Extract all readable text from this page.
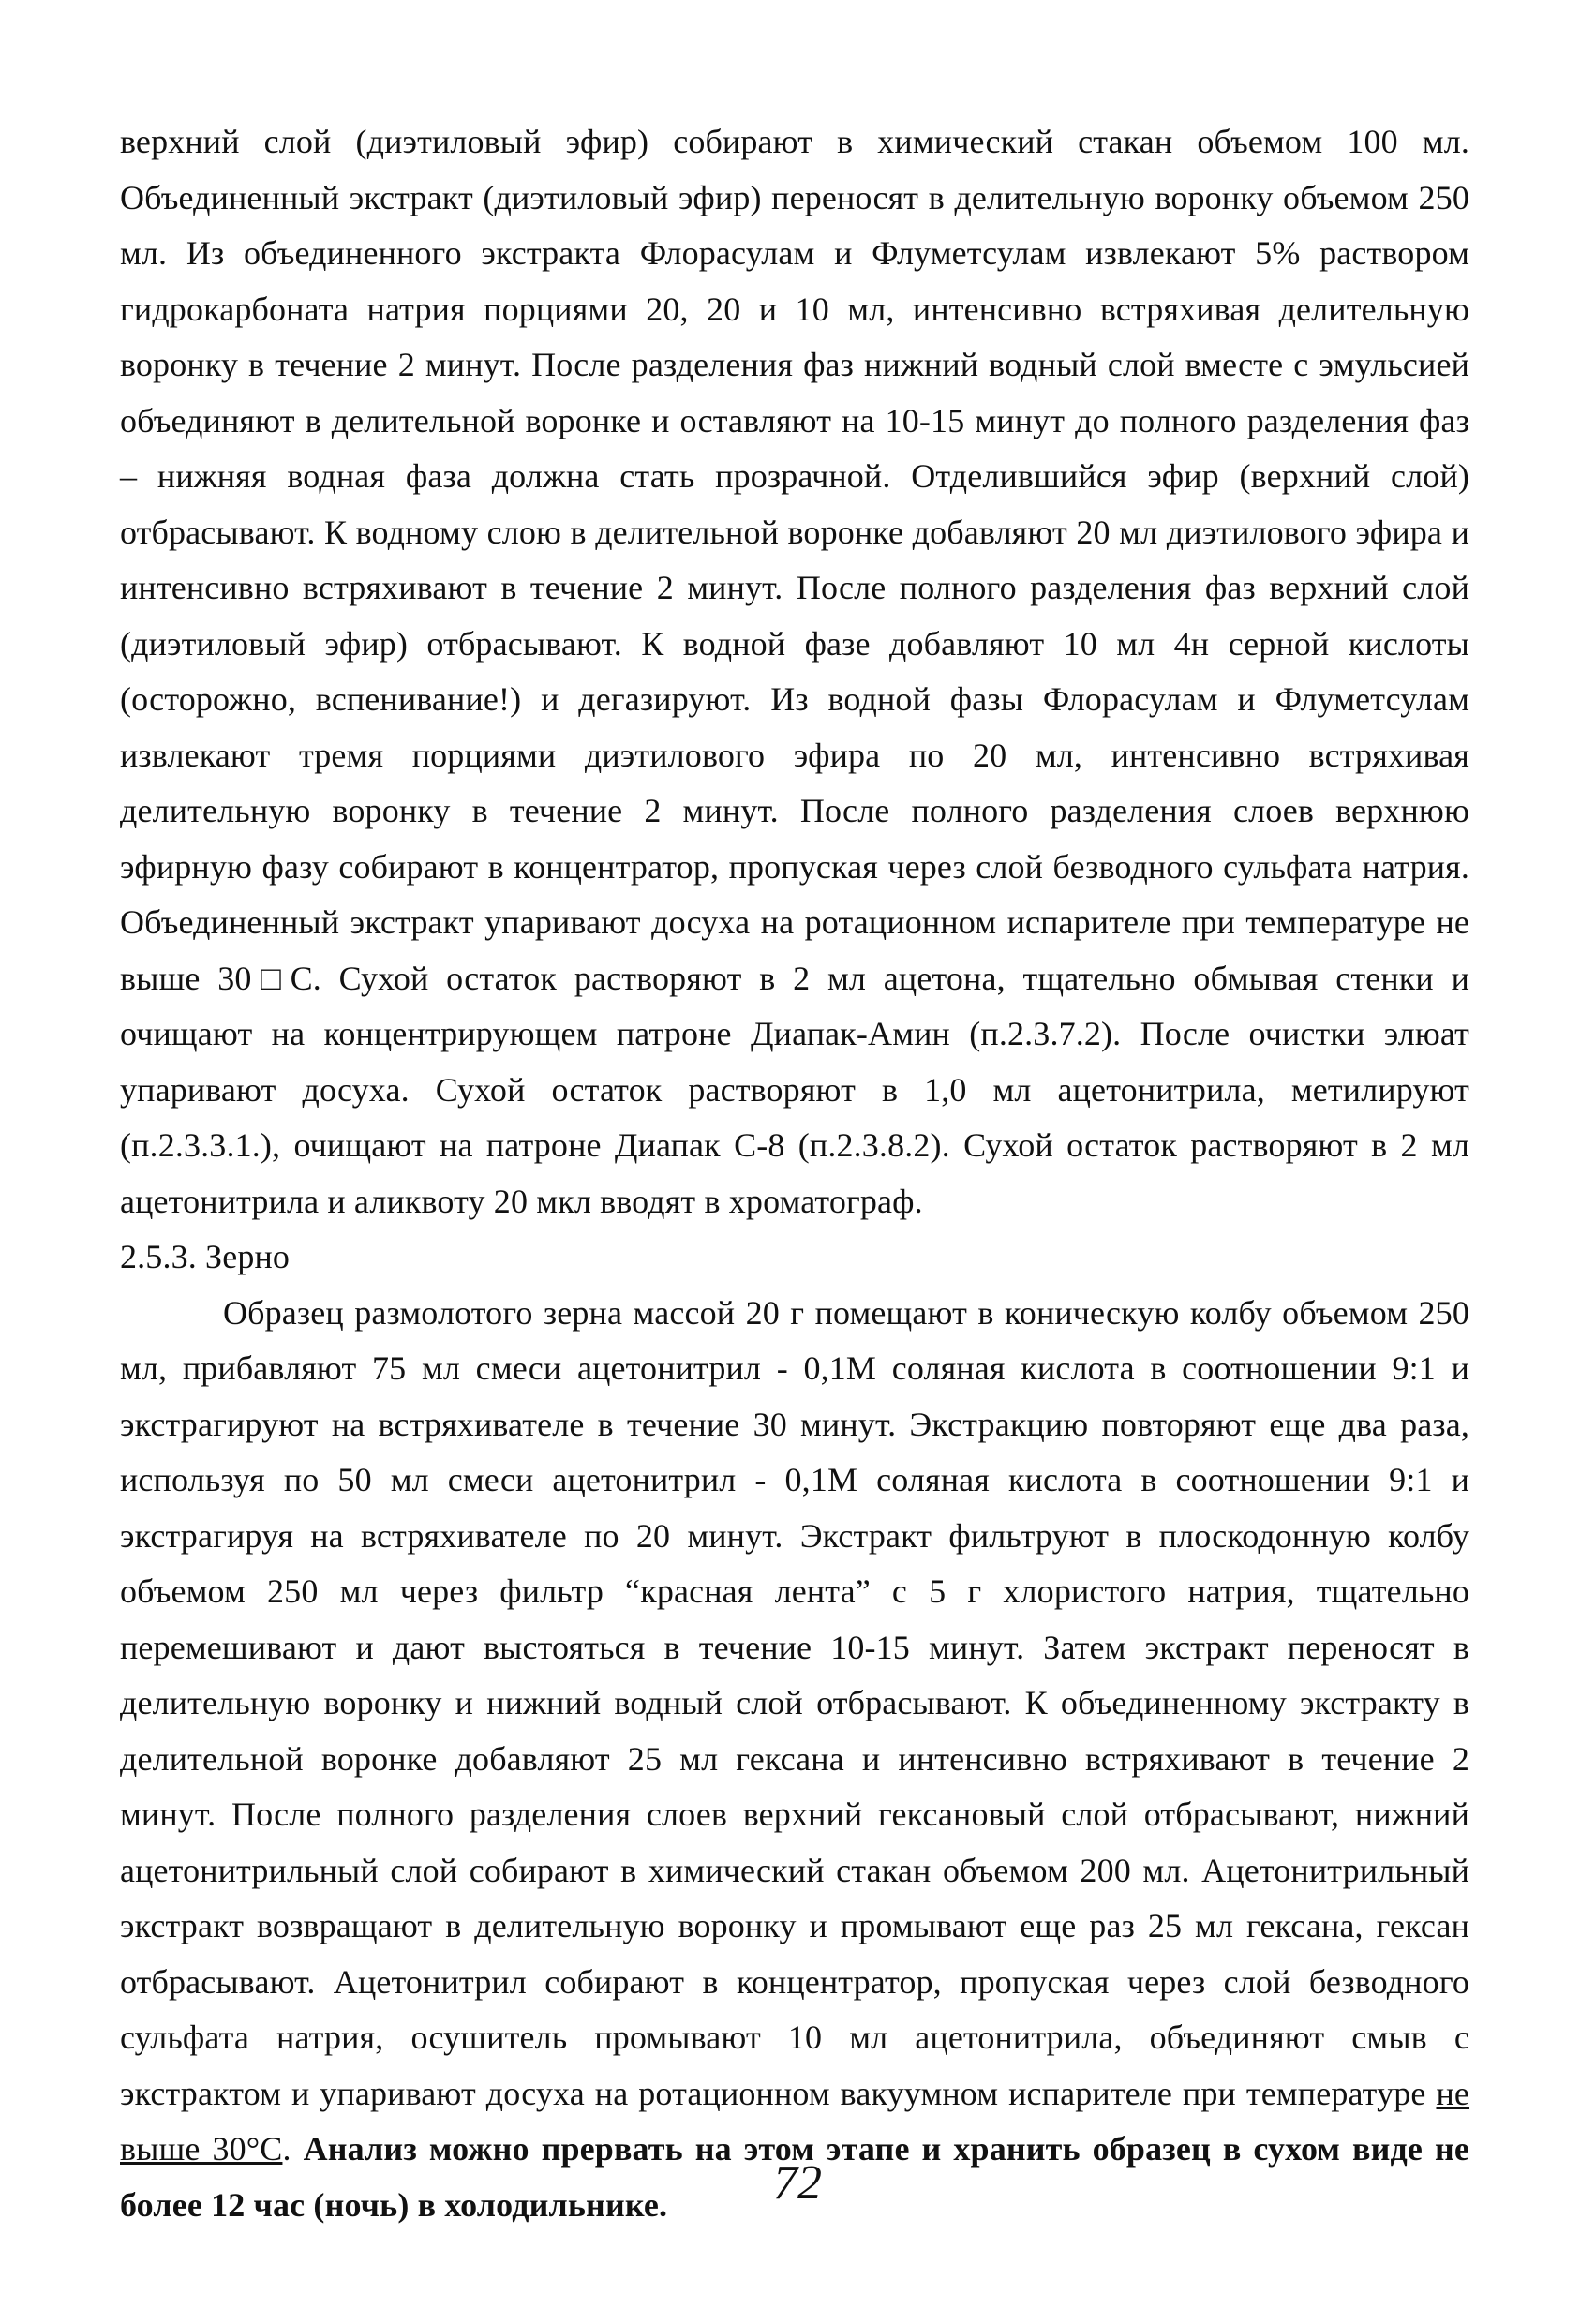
верхний слой (диэтиловый эфир) собирают в химический стакан объемом 100 мл. Объединенный экстракт (диэтиловый эфир) переносят в делительную воронку объемом 250 мл. Из объединенного экстракта Флорасулам и Флуметсулам извлекают 5% раствором гидрокарбоната натрия порциями 20, 20 и 10 мл, интенсивно встряхивая делительную воронку в течение 2 минут. После разделения фаз нижний водный слой вместе с эмульсией объединяют в делительной воронке и оставляют на 10-15 минут до полного разделения фаз – нижняя водная фаза должна стать прозрачной. Отделившийся эфир (верхний слой) отбрасывают. К водному слою в делительной воронке добавляют 20 мл диэтилового эфира и интенсивно встряхивают в течение 2 минут. После полного разделения фаз верхний слой (диэтиловый эфир) отбрасывают. К водной фазе добавляют 10 мл 4н серной кислоты (осторожно, вспенивание!) и дегазируют. Из водной фазы Флорасулам и Флуметсулам извлекают тремя порциями диэтилового эфира по 20 мл, интенсивно встряхивая делительную воронку в течение 2 минут. После полного разделения слоев верхнюю эфирную фазу собирают в концентратор, пропуская через слой безводного сульфата натрия. Объединенный экстракт упаривают досуха на ротационном испарителе при температуре не выше 30□С. Сухой остаток растворяют в 2 мл ацетона, тщательно обмывая стенки и очищают на концентрирующем патроне Диапак-Амин (п.2.3.7.2). После очистки элюат упаривают досуха. Сухой остаток растворяют в 1,0 мл ацетонитрила, метилируют (п.2.3.3.1.), очищают на патроне Диапак С-8 (п.2.3.8.2). Сухой остаток растворяют в 2 мл ацетонитрила и аликвоту 20 мкл вводят в хроматограф.

2.5.3. Зерно

Образец размолотого зерна массой 20 г помещают в коническую колбу объемом 250 мл, прибавляют 75 мл смеси ацетонитрил - 0,1М соляная кислота в соотношении 9:1 и экстрагируют на встряхивателе в течение 30 минут. Экстракцию повторяют еще два раза, используя по 50 мл смеси ацетонитрил - 0,1М соляная кислота в соотношении 9:1 и экстрагируя на встряхивателе по 20 минут. Экстракт фильтруют в плоскодонную колбу объемом 250 мл через фильтр “красная лента” с 5 г хлористого натрия, тщательно перемешивают и дают выстояться в течение 10-15 минут. Затем экстракт переносят в делительную воронку и нижний водный слой отбрасывают. К объединенному экстракту в делительной воронке добавляют 25 мл гексана и интенсивно встряхивают в течение 2 минут. После полного разделения слоев верхний гексановый слой отбрасывают, нижний ацетонитрильный слой собирают в химический стакан объемом 200 мл. Ацетонитрильный экстракт возвращают в делительную воронку и промывают еще раз 25 мл гексана, гексан отбрасывают. Ацетонитрил собирают в концентратор, пропуская через слой безводного сульфата натрия, осушитель промывают 10 мл ацетонитрила, объединяют смыв с экстрактом и упаривают досуха на ротационном вакуумном испарителе при температуре не выше 30°С. Анализ можно прервать на этом этапе и хранить образец в сухом виде не более 12 час (ночь) в холодильнике.	72
